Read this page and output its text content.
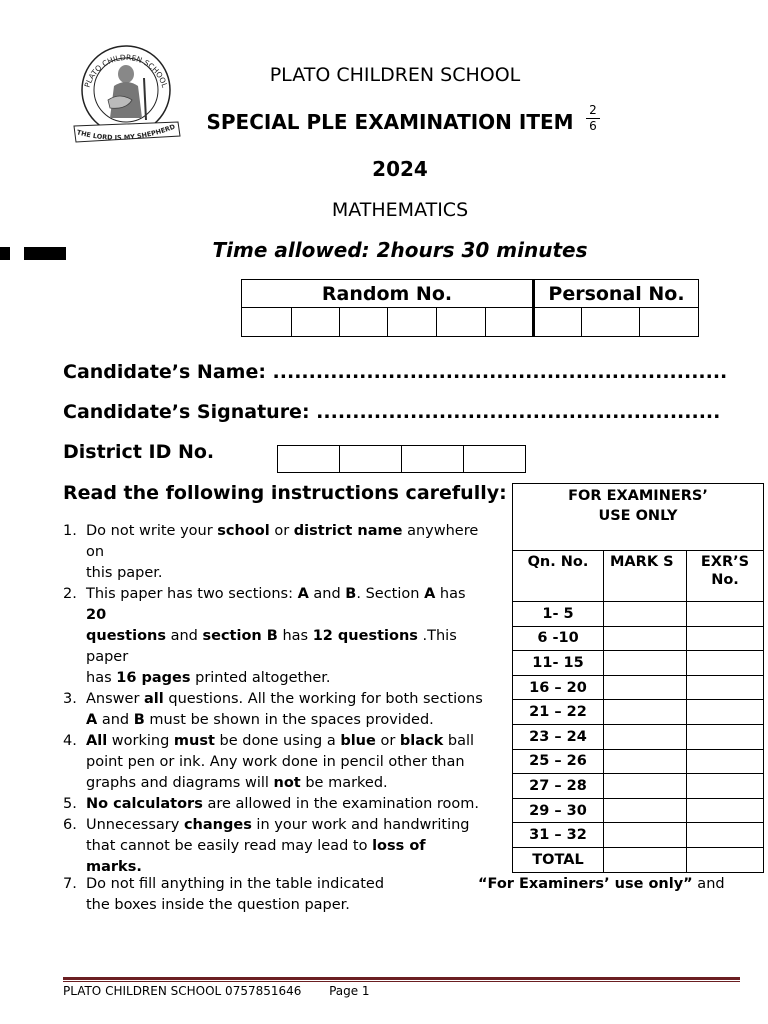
PLATO CHILDREN SCHOOL
THE LORD IS MY SHEPHERD
PLATO CHILDREN SCHOOL
SPECIAL PLE EXAMINATION ITEM	2
6
2024
MATHEMATICS
Time allowed: 2hours 30 minutes
Random No.						Personal No.		

Candidate’s Name: ...............................................................
Candidate’s Signature: ........................................................
District ID No.

Read the following instructions carefully:
1. Do not write your school or district name anywhere
on
this paper.
2. This paper has two sections: A and B. Section A has
20
questions and section B has 12 questions .This
paper
has 16 pages printed altogether.
3. Answer all questions. All the working for both sections
A and B must be shown in the spaces provided.
4. All working must be done using a blue or black ball
point pen or ink. Any work done in pencil other than
graphs and diagrams will not be marked.
5. No calculators are allowed in the examination room.
6. Unnecessary changes in your work and handwriting
that cannot be easily read may lead to loss of
marks.
7. Do not fill anything in the table indicated	“For Examiners’ use only” and
the boxes inside the question paper.
FOR EXAMINERS’
USE ONLY		

Qn. No.	MARK S	EXR’S No.
1- 5		
6 -10		
11- 15		
16 – 20		
21 – 22		
23 – 24		
25 – 26		
27 – 28		
29 – 30		
31 – 32		
TOTAL		
PLATO CHILDREN SCHOOL 0757851646 Page 1
